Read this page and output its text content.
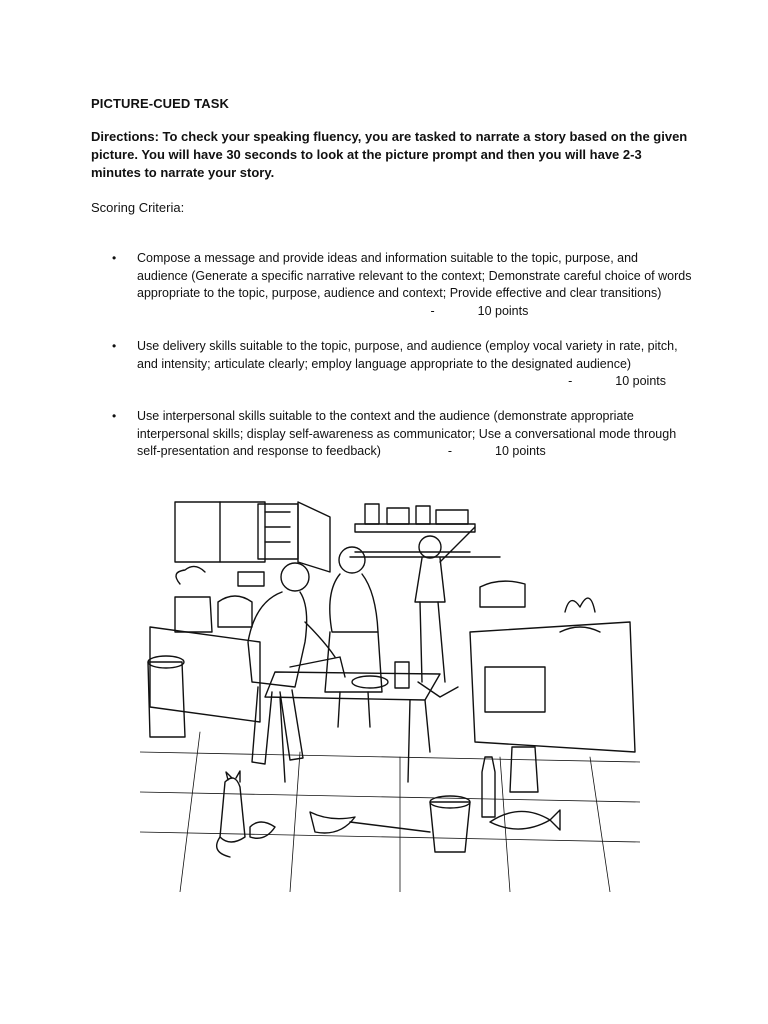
PICTURE-CUED TASK
Directions: To check your speaking fluency, you are tasked to narrate a story based on the given picture. You will have 30 seconds to look at the picture prompt and then you will have 2-3 minutes to narrate your story.
Scoring Criteria:
• Compose a message and provide ideas and information suitable to the topic, purpose, and audience (Generate a specific narrative relevant to the context; Demonstrate careful choice of words appropriate to the topic, purpose, audience and context; Provide effective and clear transitions)  -	10 points
• Use delivery skills suitable to the topic, purpose, and audience (employ vocal variety in rate, pitch, and intensity; articulate clearly; employ language appropriate to the designated audience)
-	10 points
• Use interpersonal skills suitable to the context and the audience (demonstrate appropriate interpersonal skills; display self-awareness as communicator; Use a conversational mode through self-presentation and response to feedback)	-	10 points
